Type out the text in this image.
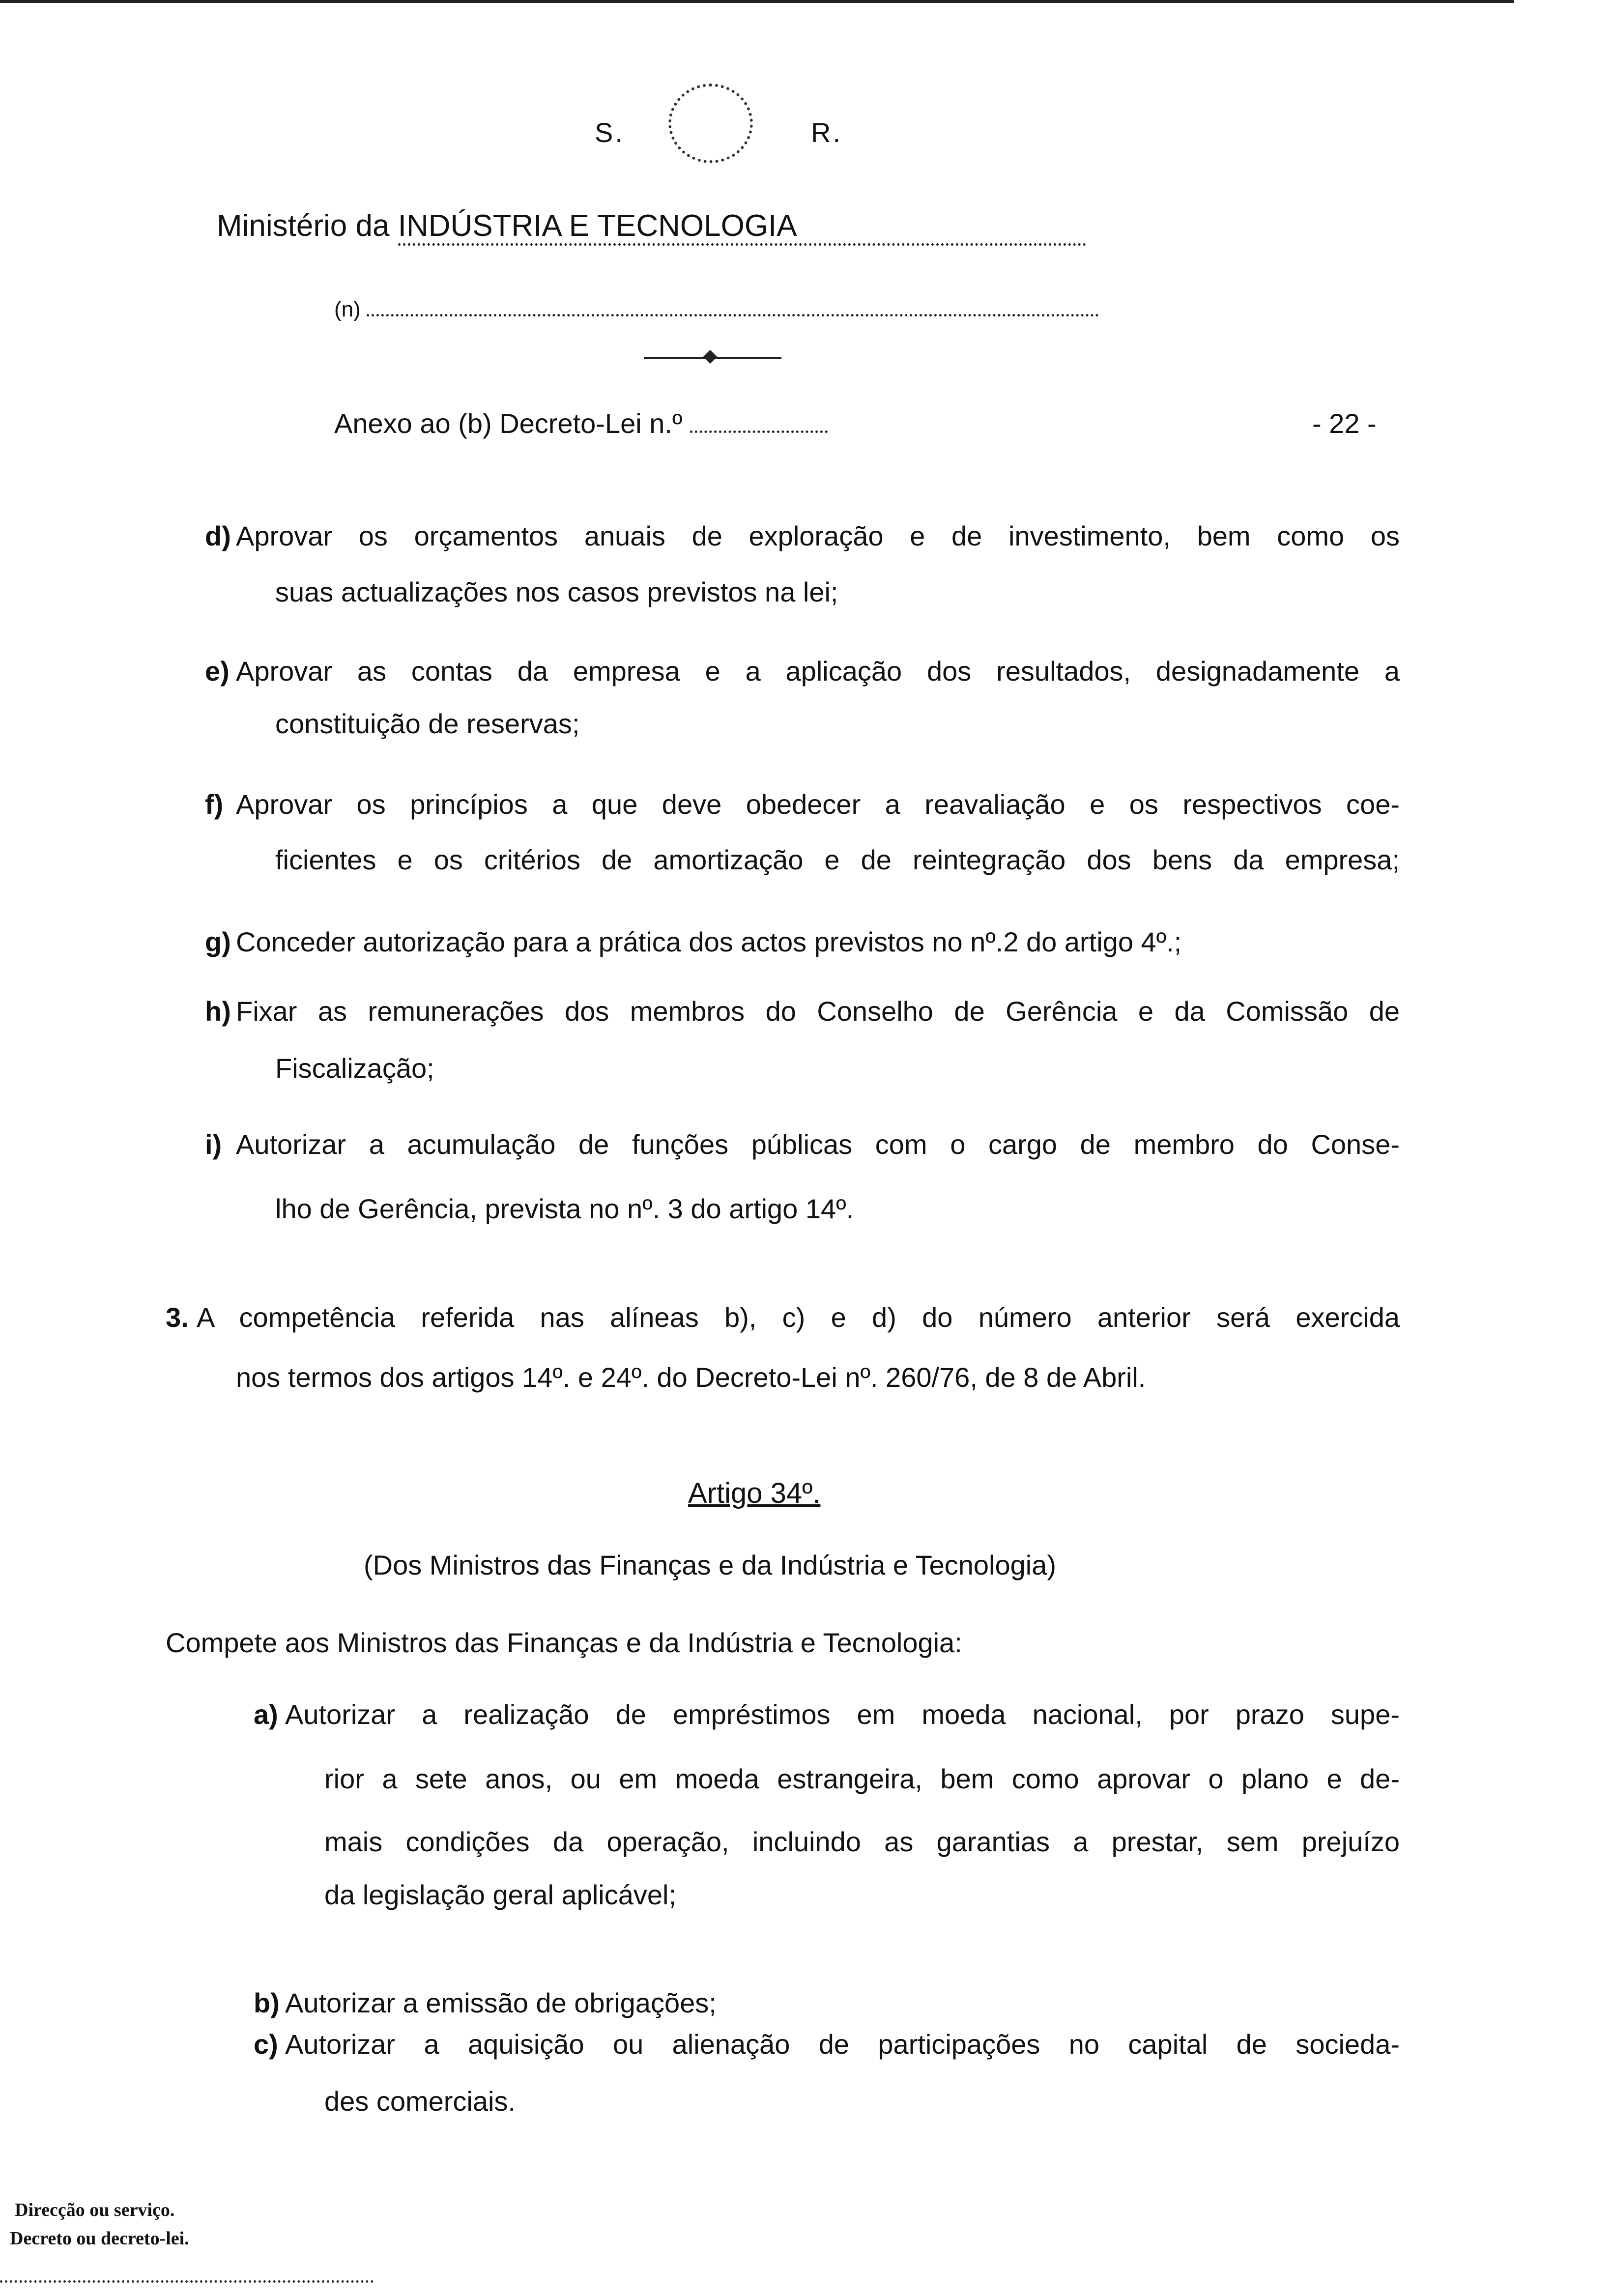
S.	R.
Ministério da INDÚSTRIA E TECNOLOGIA
(n)
Anexo ao (b) Decreto-Lei n.º	- 22 -
d) Aprovar os orçamentos anuais de exploração e de investimento, bem como os
suas actualizações nos casos previstos na lei;
e) Aprovar as contas da empresa e a aplicação dos resultados, designadamente a
constituição de reservas;
f) Aprovar os princípios a que deve obedecer a reavaliação e os respectivos coe-
ficientes e os critérios de amortização e de reintegração dos bens da empresa;
g) Conceder autorização para a prática dos actos previstos no nº.2 do artigo 4º.;
h) Fixar as remunerações dos membros do Conselho de Gerência e da Comissão de
Fiscalização;
i) Autorizar a acumulação de funções públicas com o cargo de membro do Conse-
lho de Gerência, prevista no nº. 3 do artigo 14º.
3. A competência referida nas alíneas b), c) e d) do número anterior será exercida
nos termos dos artigos 14º. e 24º. do Decreto-Lei nº. 260/76, de 8 de Abril.
a) Autorizar a realização de empréstimos em moeda nacional, por prazo supe-
rior a sete anos, ou em moeda estrangeira, bem como aprovar o plano e de-
mais condições da operação, incluindo as garantias a prestar, sem prejuízo
da legislação geral aplicável;
b) Autorizar a emissão de obrigações;
c) Autorizar a aquisição ou alienação de participações no capital de socieda-
des comerciais.
Artigo 34º.
(Dos Ministros das Finanças e da Indústria e Tecnologia)
Compete aos Ministros das Finanças e da Indústria e Tecnologia:
Direcção ou serviço.
Decreto ou decreto-lei.
